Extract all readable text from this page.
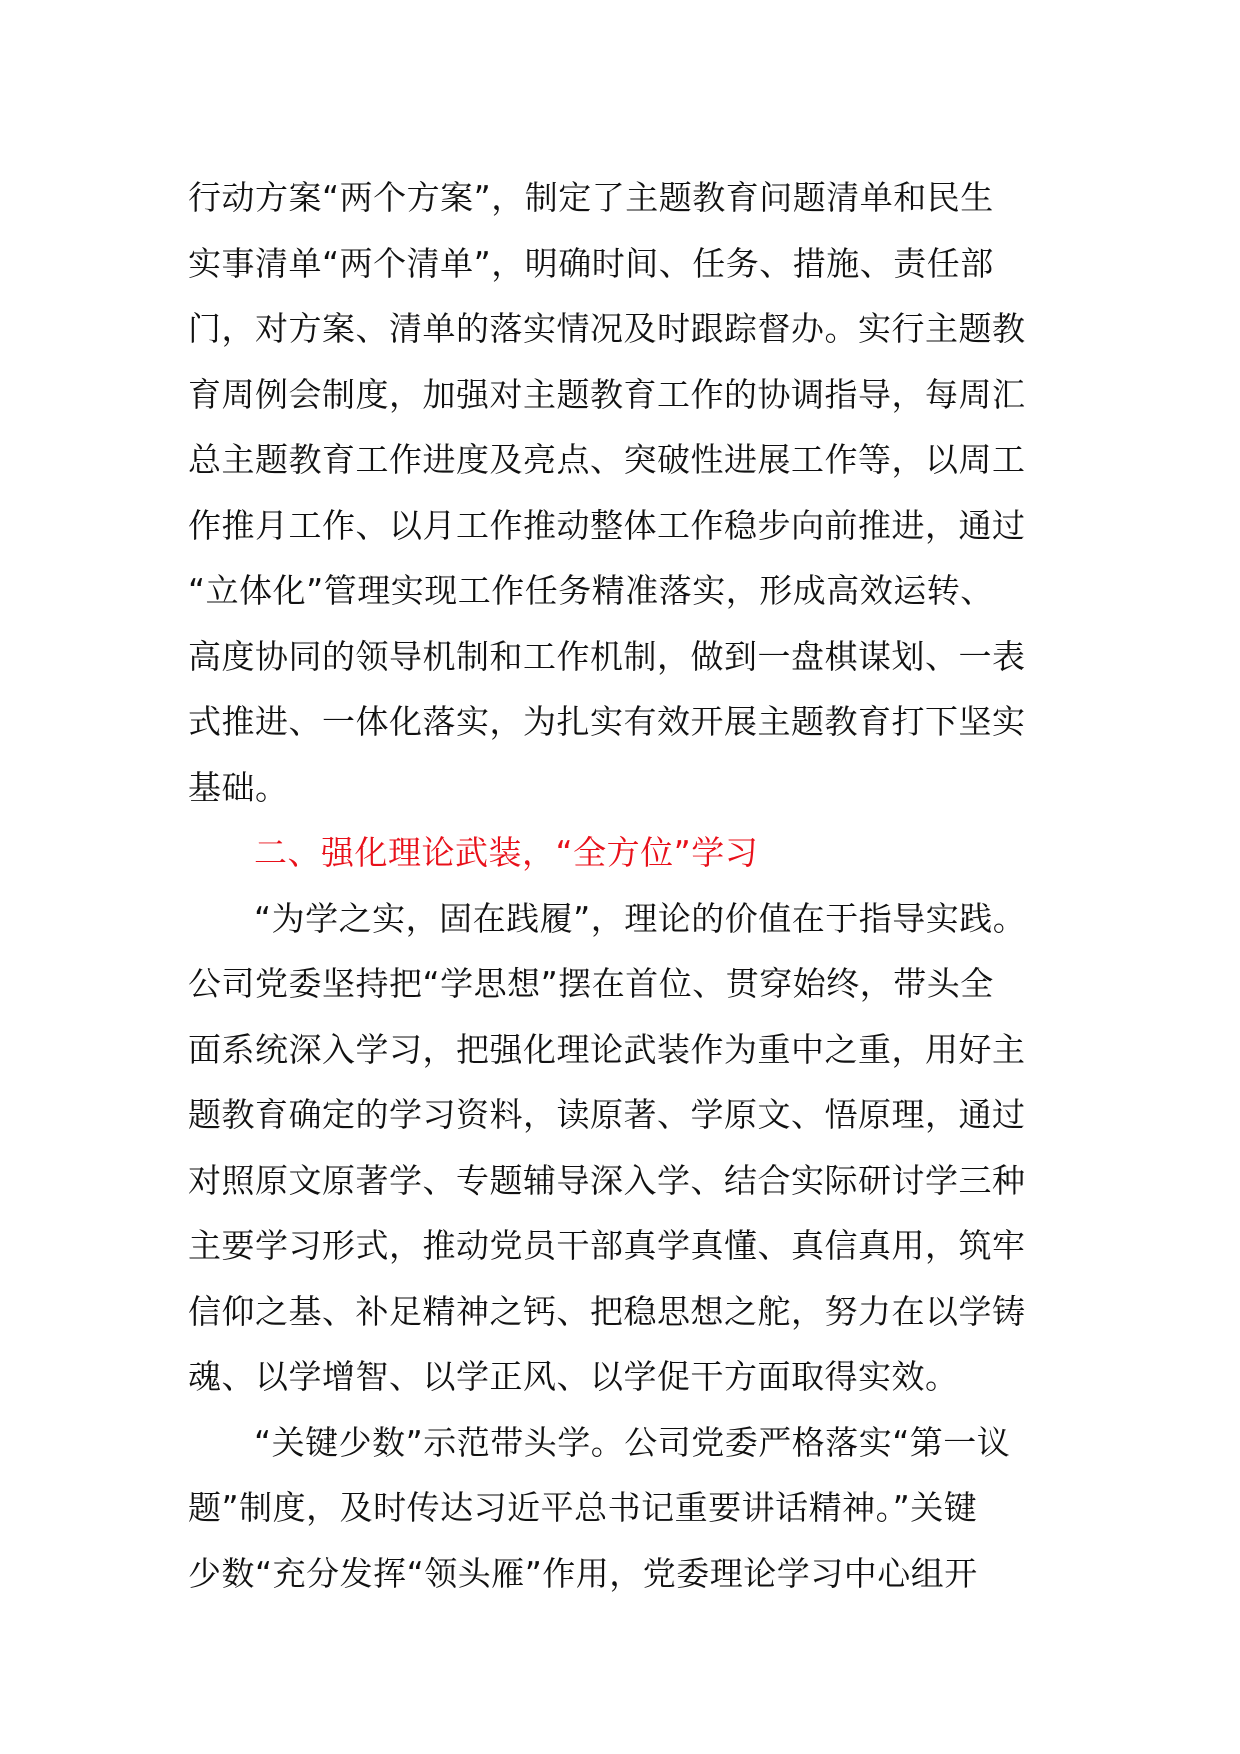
行动方案“两个方案”，制定了主题教育问题清单和民生
实事清单“两个清单”，明确时间、任务、措施、责任部
门，对方案、清单的落实情况及时跟踪督办。实行主题教
育周例会制度，加强对主题教育工作的协调指导，每周汇
总主题教育工作进度及亮点、突破性进展工作等，以周工
作推月工作、以月工作推动整体工作稳步向前推进，通过
“立体化”管理实现工作任务精准落实，形成高效运转、
高度协同的领导机制和工作机制，做到一盘棋谋划、一表
式推进、一体化落实，为扎实有效开展主题教育打下坚实
基础。
二、强化理论武装，“全方位”学习
“为学之实，固在践履”，理论的价值在于指导实践。
公司党委坚持把“学思想”摆在首位、贯穿始终，带头全
面系统深入学习，把强化理论武装作为重中之重，用好主
题教育确定的学习资料，读原著、学原文、悟原理，通过
对照原文原著学、专题辅导深入学、结合实际研讨学三种
主要学习形式，推动党员干部真学真懂、真信真用，筑牢
信仰之基、补足精神之钙、把稳思想之舵，努力在以学铸
魂、以学增智、以学正风、以学促干方面取得实效。
“关键少数”示范带头学。公司党委严格落实“第一议
题”制度，及时传达习近平总书记重要讲话精神。”关键
少数“充分发挥“领头雁”作用，党委理论学习中心组开
